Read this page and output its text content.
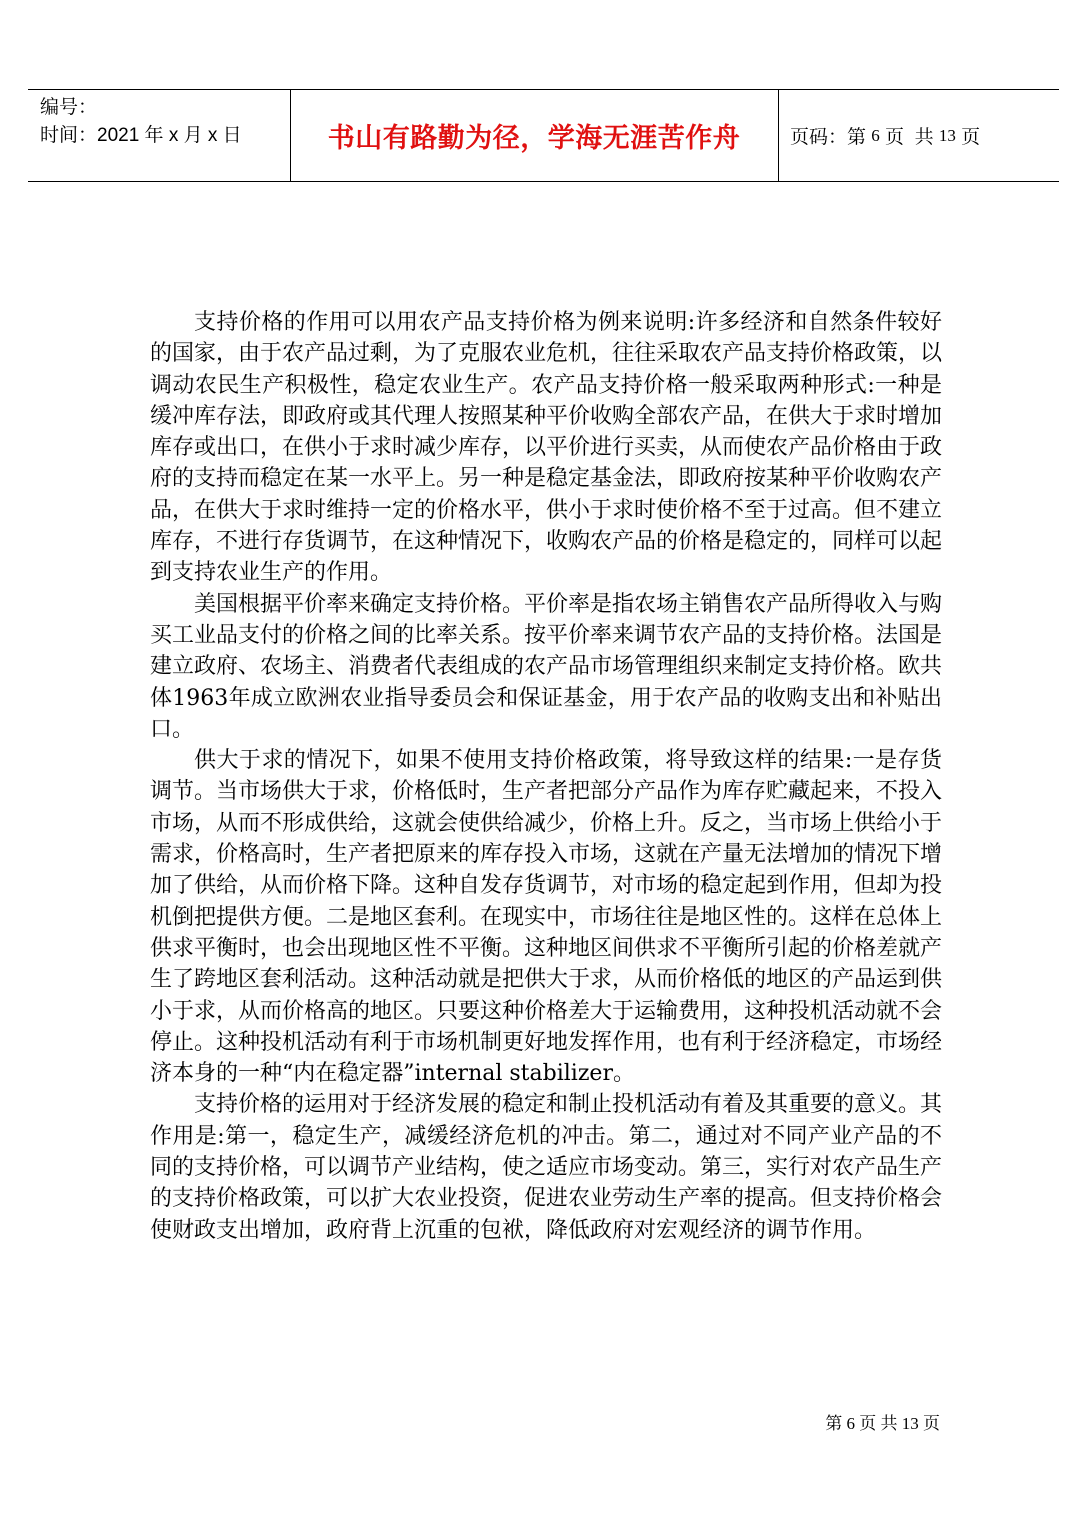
编号：
时间：2021 年 x 月 x 日	书山有路勤为径，学海无涯苦作舟	页码：第 6 页  共 13 页

支持价格的作用可以用农产品支持价格为例来说明:许多经济和自然条件较好的国家，由于农产品过剩，为了克服农业危机，往往采取农产品支持价格政策，以调动农民生产积极性，稳定农业生产。农产品支持价格一般采取两种形式:一种是缓冲库存法，即政府或其代理人按照某种平价收购全部农产品，在供大于求时增加库存或出口，在供小于求时减少库存，以平价进行买卖，从而使农产品价格由于政府的支持而稳定在某一水平上。另一种是稳定基金法，即政府按某种平价收购农产品，在供大于求时维持一定的价格水平，供小于求时使价格不至于过高。但不建立库存，不进行存货调节，在这种情况下，收购农产品的价格是稳定的，同样可以起到支持农业生产的作用。

美国根据平价率来确定支持价格。平价率是指农场主销售农产品所得收入与购买工业品支付的价格之间的比率关系。按平价率来调节农产品的支持价格。法国是建立政府、农场主、消费者代表组成的农产品市场管理组织来制定支持价格。欧共体1963年成立欧洲农业指导委员会和保证基金，用于农产品的收购支出和补贴出口。

供大于求的情况下，如果不使用支持价格政策，将导致这样的结果:一是存货调节。当市场供大于求，价格低时，生产者把部分产品作为库存贮藏起来，不投入市场，从而不形成供给，这就会使供给减少，价格上升。反之，当市场上供给小于需求，价格高时，生产者把原来的库存投入市场，这就在产量无法增加的情况下增加了供给，从而价格下降。这种自发存货调节，对市场的稳定起到作用，但却为投机倒把提供方便。二是地区套利。在现实中，市场往往是地区性的。这样在总体上供求平衡时，也会出现地区性不平衡。这种地区间供求不平衡所引起的价格差就产生了跨地区套利活动。这种活动就是把供大于求，从而价格低的地区的产品运到供小于求，从而价格高的地区。只要这种价格差大于运输费用，这种投机活动就不会停止。这种投机活动有利于市场机制更好地发挥作用，也有利于经济稳定，市场经济本身的一种“内在稳定器”internal stabilizer。

支持价格的运用对于经济发展的稳定和制止投机活动有着及其重要的意义。其作用是:第一，稳定生产，减缓经济危机的冲击。第二，通过对不同产业产品的不同的支持价格，可以调节产业结构，使之适应市场变动。第三，实行对农产品生产的支持价格政策，可以扩大农业投资，促进农业劳动生产率的提高。但支持价格会使财政支出增加，政府背上沉重的包袱，降低政府对宏观经济的调节作用。

第 6 页 共 13 页
